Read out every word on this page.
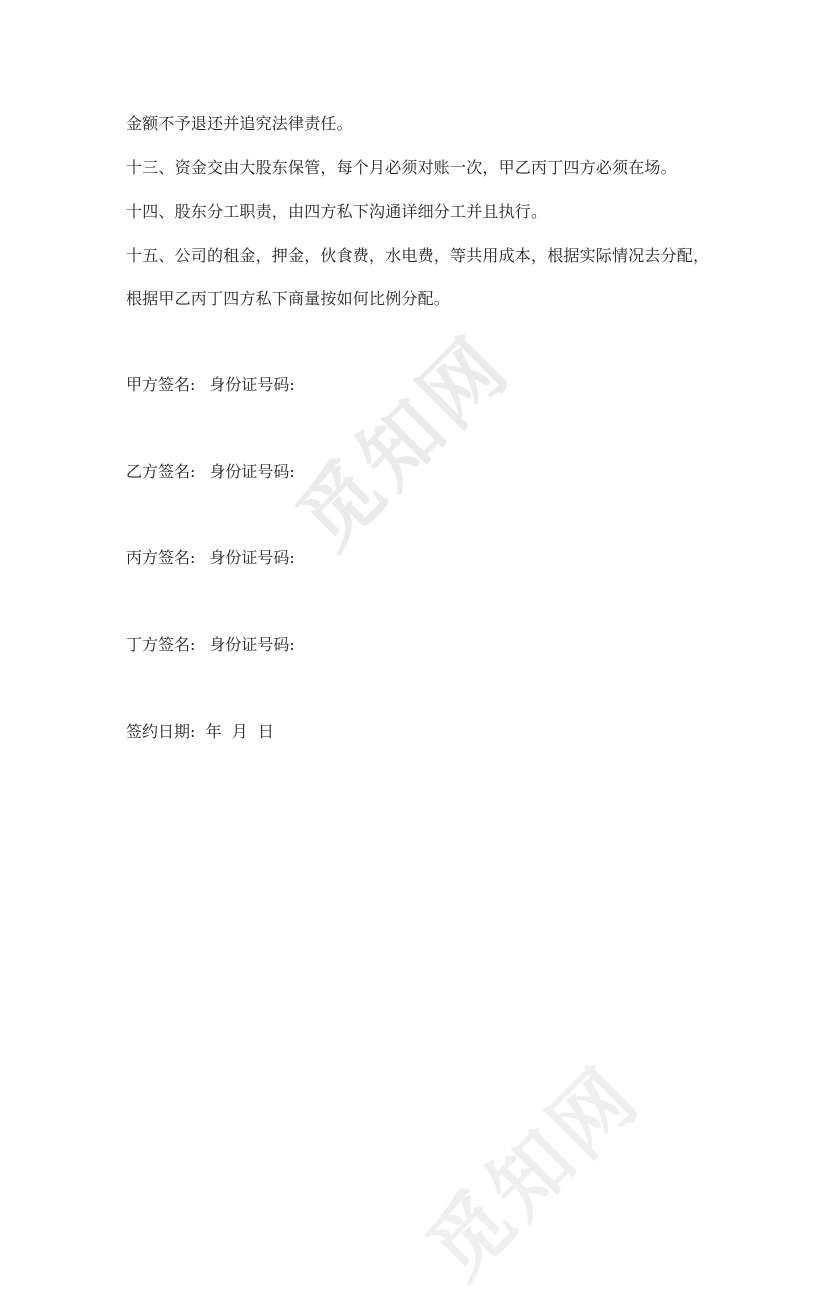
觅知网
觅知网
金额不予退还并追究法律责任。
十三、资金交由大股东保管，每个月必须对账一次，甲乙丙丁四方必须在场。
十四、股东分工职责，由四方私下沟通详细分工并且执行。
十五、公司的租金，押金，伙食费，水电费，等共用成本，根据实际情况去分配，
根据甲乙丙丁四方私下商量按如何比例分配。
甲方签名: 身份证号码:
乙方签名: 身份证号码:
丙方签名: 身份证号码:
丁方签名: 身份证号码:
签约日期:  年  月  日
